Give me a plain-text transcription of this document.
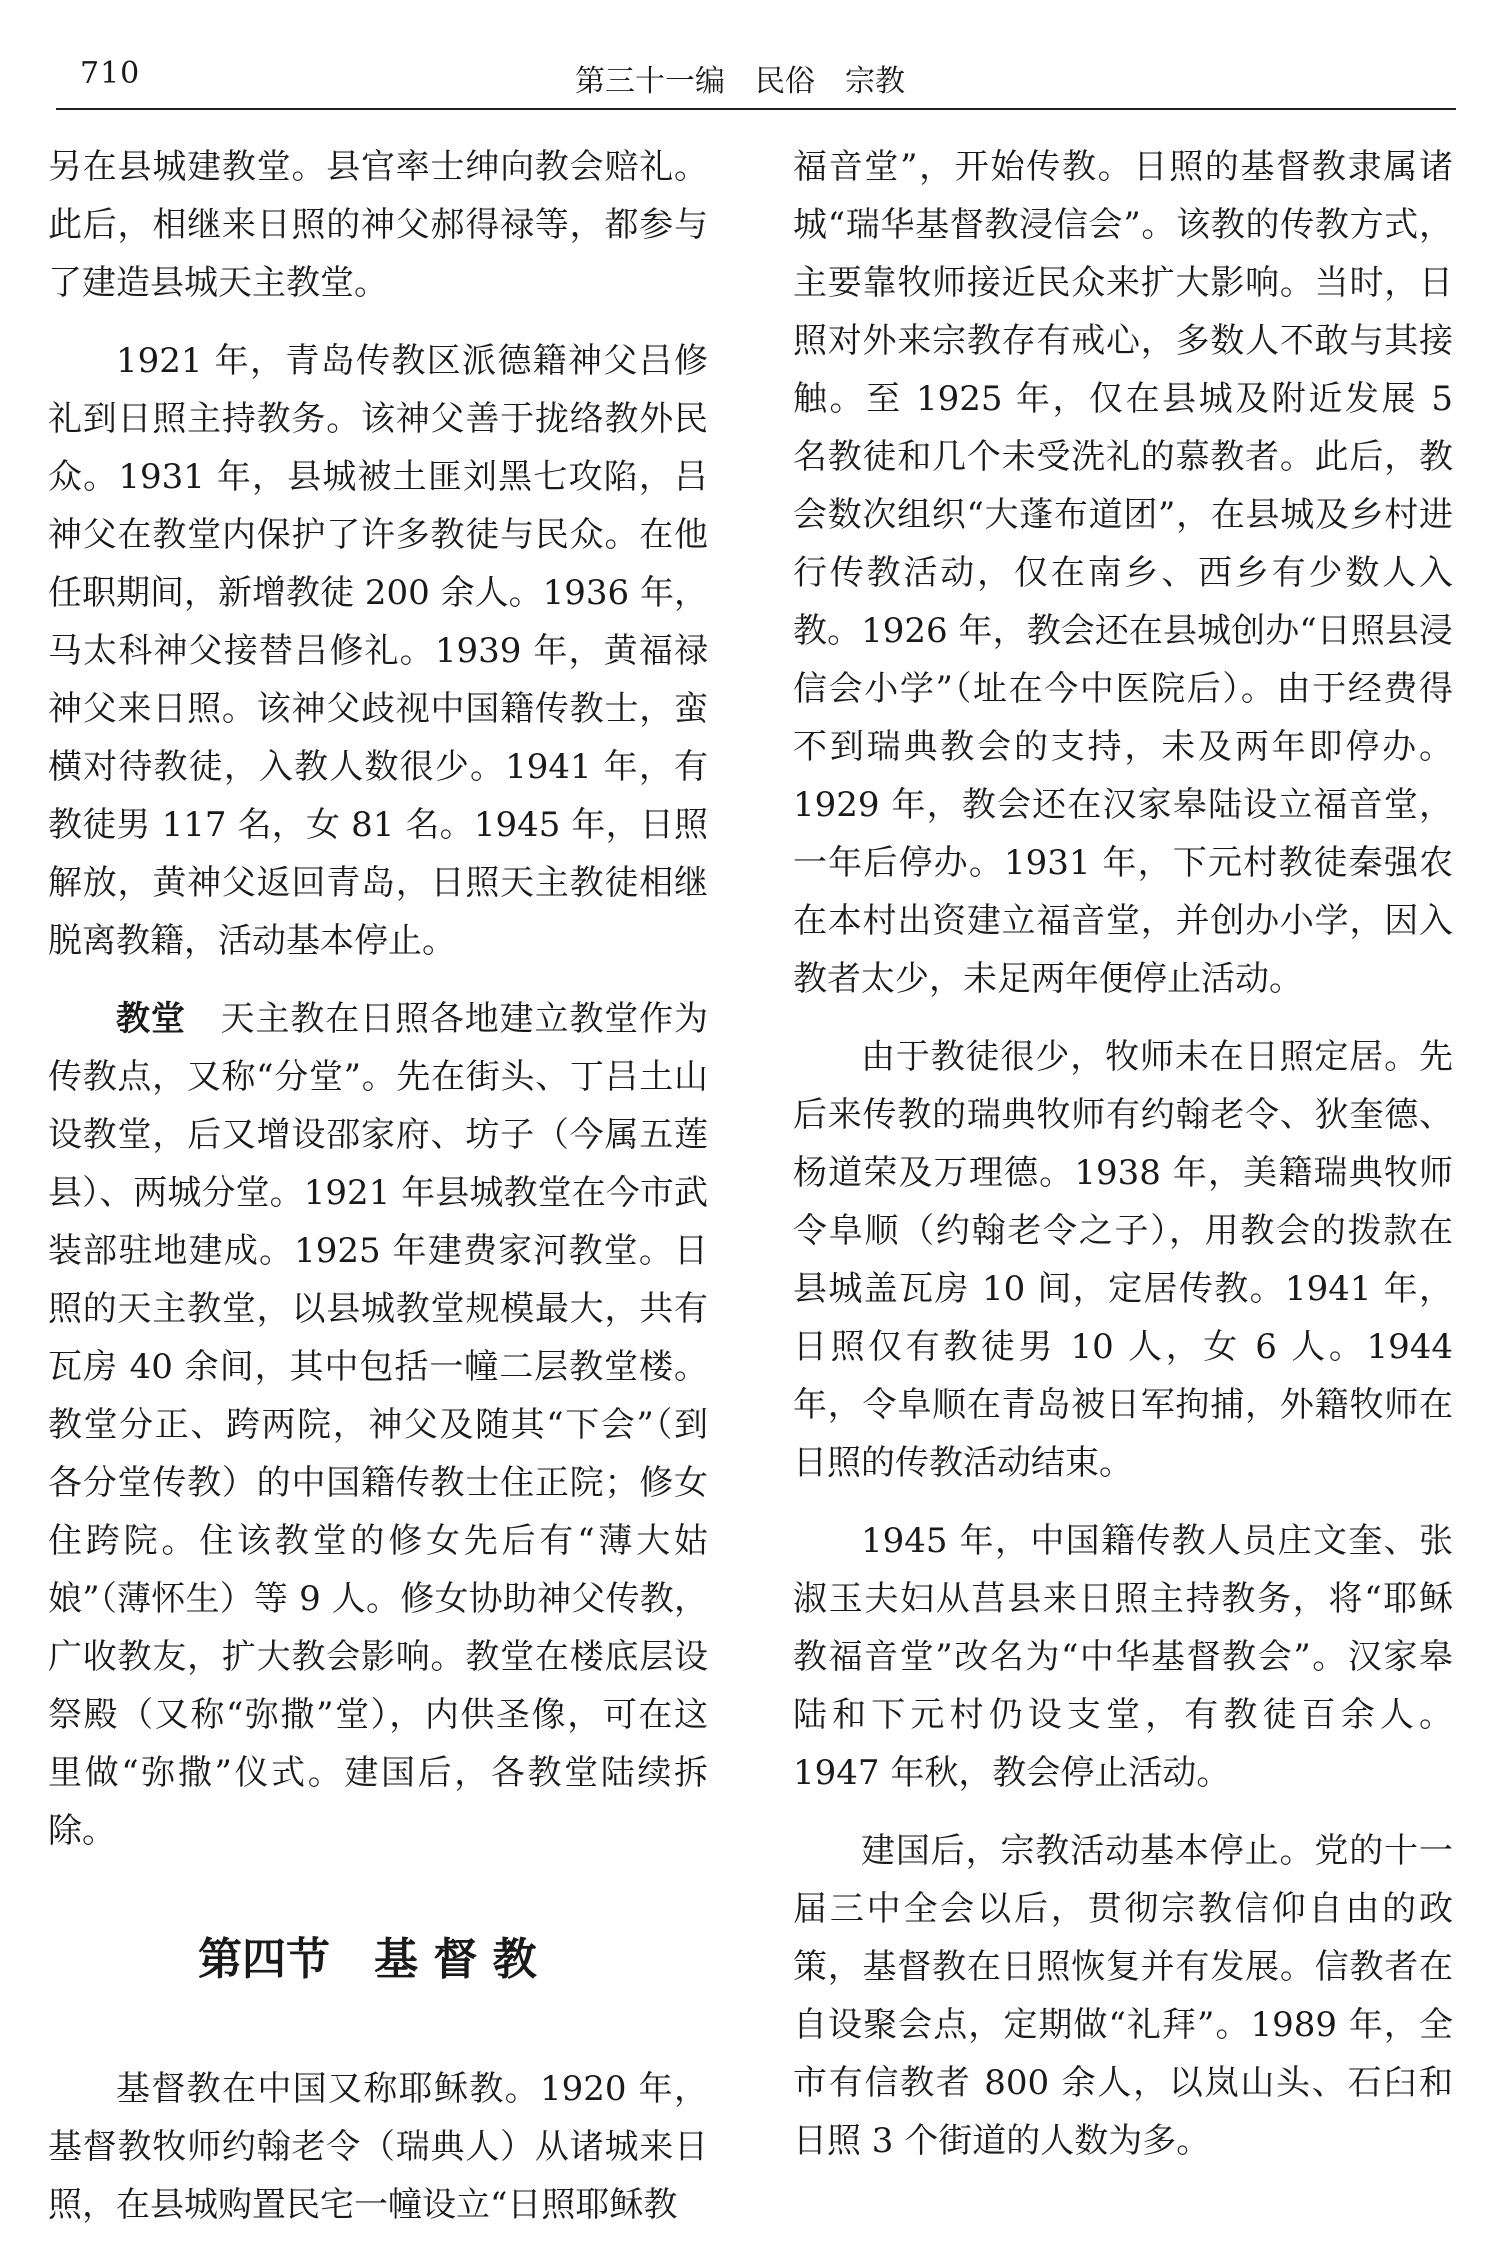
710	第三十一编　民俗　宗教

另在县城建教堂。县官率士绅向教会赔礼。此后，相继来日照的神父郝得禄等，都参与了建造县城天主教堂。

1921 年，青岛传教区派德籍神父吕修礼到日照主持教务。该神父善于拢络教外民众。1931 年，县城被土匪刘黑七攻陷，吕神父在教堂内保护了许多教徒与民众。在他任职期间，新增教徒 200 余人。1936 年，马太科神父接替吕修礼。1939 年，黄福禄神父来日照。该神父歧视中国籍传教士，蛮横对待教徒，入教人数很少。1941 年，有教徒男 117 名，女 81 名。1945 年，日照解放，黄神父返回青岛，日照天主教徒相继脱离教籍，活动基本停止。

教堂　 天主教在日照各地建立教堂作为传教点，又称“分堂”。先在街头、丁吕土山设教堂，后又增设邵家府、坊子（今属五莲县）、两城分堂。1921 年县城教堂在今市武装部驻地建成。1925 年建费家河教堂。日照的天主教堂，以县城教堂规模最大，共有瓦房 40 余间，其中包括一幢二层教堂楼。教堂分正、跨两院，神父及随其“下会”（到各分堂传教）的中国籍传教士住正院；修女住跨院。住该教堂的修女先后有“薄大姑娘”（薄怀生）等 9 人。修女协助神父传教，广收教友，扩大教会影响。教堂在楼底层设祭殿（又称“弥撒”堂），内供圣像，可在这里做“弥撒”仪式。建国后，各教堂陆续拆除。

第四节　基 督 教

基督教在中国又称耶稣教。1920 年，基督教牧师约翰老令（瑞典人）从诸城来日照，在县城购置民宅一幢设立“日照耶稣教

福音堂”，开始传教。日照的基督教隶属诸城“瑞华基督教浸信会”。该教的传教方式，主要靠牧师接近民众来扩大影响。当时，日照对外来宗教存有戒心，多数人不敢与其接触。至 1925 年，仅在县城及附近发展 5 名教徒和几个未受洗礼的慕教者。此后，教会数次组织“大蓬布道团”，在县城及乡村进行传教活动，仅在南乡、西乡有少数人入教。1926 年，教会还在县城创办“日照县浸信会小学”（址在今中医院后）。由于经费得不到瑞典教会的支持，未及两年即停办。1929 年，教会还在汉家皋陆设立福音堂，一年后停办。1931 年，下元村教徒秦强农在本村出资建立福音堂，并创办小学，因入教者太少，未足两年便停止活动。

由于教徒很少，牧师未在日照定居。先后来传教的瑞典牧师有约翰老令、狄奎德、杨道荣及万理德。1938 年，美籍瑞典牧师令阜顺（约翰老令之子），用教会的拨款在县城盖瓦房 10 间，定居传教。1941 年，日照仅有教徒男 10 人，女 6 人。1944 年，令阜顺在青岛被日军拘捕，外籍牧师在日照的传教活动结束。

1945 年，中国籍传教人员庄文奎、张淑玉夫妇从莒县来日照主持教务，将“耶稣教福音堂”改名为“中华基督教会”。汉家皋陆和下元村仍设支堂，有教徒百余人。1947 年秋，教会停止活动。

建国后，宗教活动基本停止。党的十一届三中全会以后，贯彻宗教信仰自由的政策，基督教在日照恢复并有发展。信教者在自设聚会点，定期做“礼拜”。1989 年，全市有信教者 800 余人，以岚山头、石臼和日照 3 个街道的人数为多。
